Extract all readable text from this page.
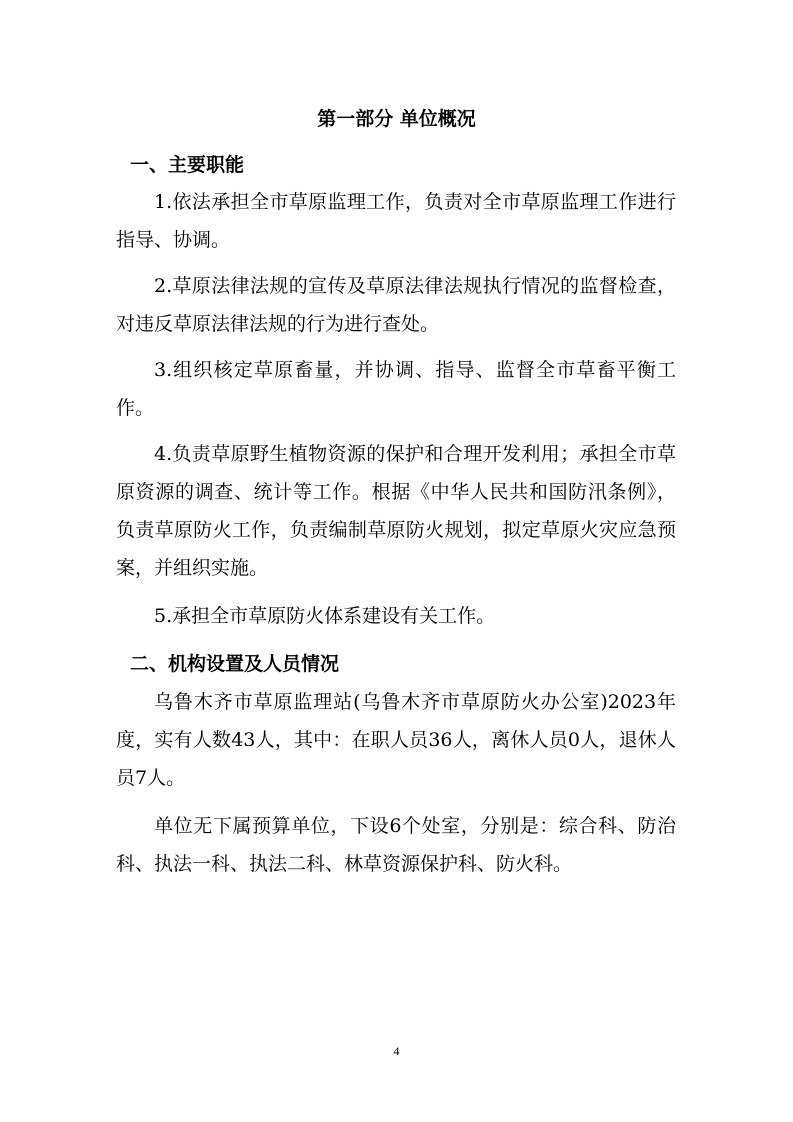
第一部分 单位概况
一、主要职能

1.依法承担全市草原监理工作，负责对全市草原监理工作进行指导、协调。

2.草原法律法规的宣传及草原法律法规执行情况的监督检查，对违反草原法律法规的行为进行查处。

3.组织核定草原畜量，并协调、指导、监督全市草畜平衡工作。

4.负责草原野生植物资源的保护和合理开发利用；承担全市草原资源的调查、统计等工作。根据《中华人民共和国防汛条例》，负责草原防火工作，负责编制草原防火规划，拟定草原火灾应急预案，并组织实施。

5.承担全市草原防火体系建设有关工作。

二、机构设置及人员情况

乌鲁木齐市草原监理站(乌鲁木齐市草原防火办公室)2023年度，实有人数43人，其中：在职人员36人，离休人员0人，退休人员7人。

单位无下属预算单位，下设6个处室，分别是：综合科、防治科、执法一科、执法二科、林草资源保护科、防火科。

4
